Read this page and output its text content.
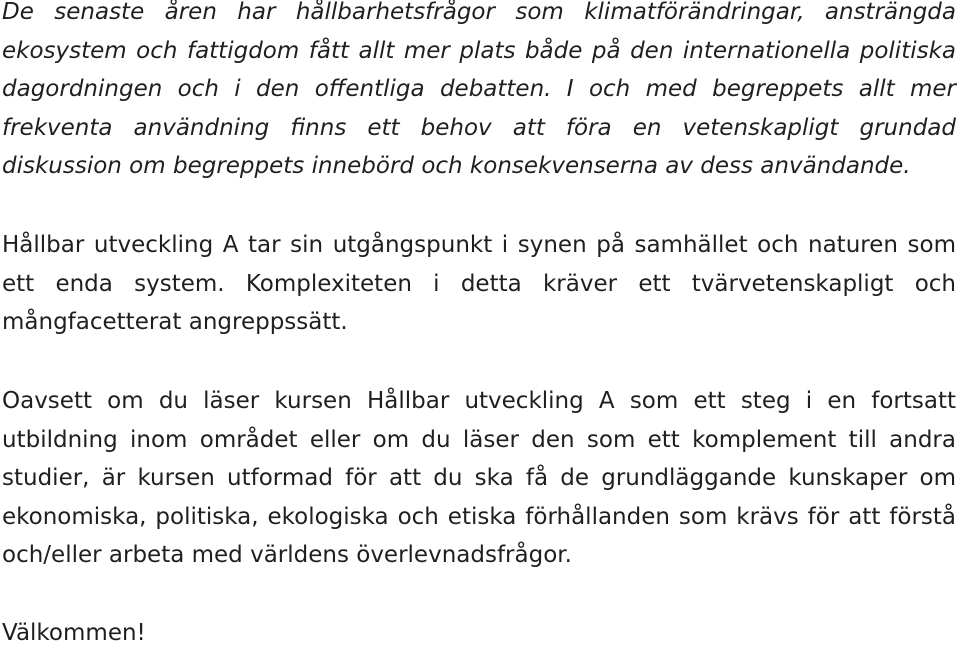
De senaste åren har hållbarhetsfrågor som klimatförändringar, ansträngda ekosystem och fattigdom fått allt mer plats både på den internationella politiska dagordningen och i den offentliga debatten. I och med begreppets allt mer frekventa användning finns ett behov att föra en vetenskapligt grundad diskussion om begreppets innebörd och konsekvenserna av dess användande.

Hållbar utveckling A tar sin utgångspunkt i synen på samhället och naturen som ett enda system. Komplexiteten i detta kräver ett tvärvetenskapligt och mångfacetterat angreppssätt.

Oavsett om du läser kursen Hållbar utveckling A som ett steg i en fortsatt utbildning inom området eller om du läser den som ett komplement till andra studier, är kursen utformad för att du ska få de grundläggande kunskaper om ekonomiska, politiska, ekologiska och etiska förhållanden som krävs för att förstå och/eller arbeta med världens överlevnadsfrågor.

Välkommen!
